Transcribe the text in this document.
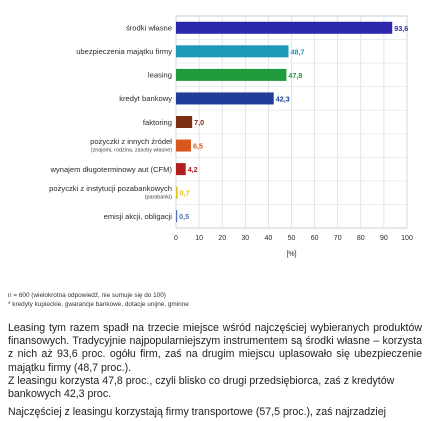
93,6
środki własne
48,7
ubezpieczenia majątku firmy
47,8
leasing
42,3
kredyt bankowy
7,0
faktoring
6,5
pożyczki z innych źródeł
(znajomi, rodzina, zasoby własne)
4,2
wynajem długoterminowy aut (CFM)
0,7
pożyczki z instytucji pozabankowych
(parabanki)
0,5
emisji akcji, obligacji
0 10 20 30 40 50 60 70 80 90 100
[%]
n = 600 (wielokrotna odpowiedź, nie sumuje się do 100)
* kredyty kupieckie, gwarancje bankowe, dotacje unijne, gminne
Leasing tym razem spadł na trzecie miejsce wśród najczęściej wybieranych produktów finansowych. Tradycyjnie najpopularniejszym instrumentem są środki własne – korzysta z nich aż 93,6 proc. ogółu firm, zaś na drugim miejscu uplasowało się ubezpieczenie majątku firmy (48,7 proc.).
Z leasingu korzysta 47,8 proc., czyli blisko co drugi przedsiębiorca, zaś z kredytów bankowych 42,3 proc.
Najczęściej z leasingu korzystają firmy transportowe (57,5 proc.), zaś najrzadziej
